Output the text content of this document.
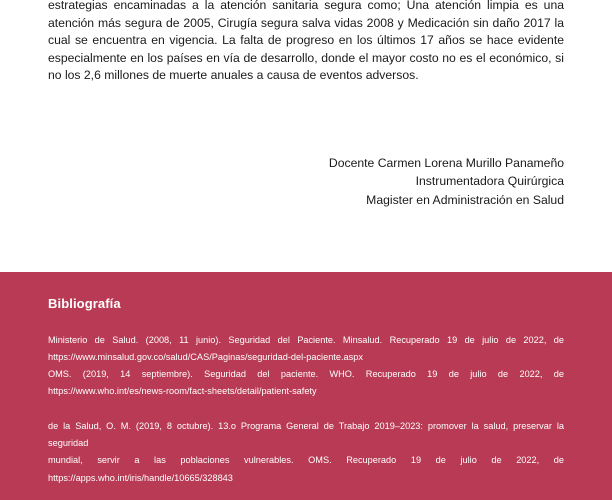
estrategias encaminadas a la atención sanitaria segura como; Una atención limpia es una atención más segura de 2005, Cirugía segura salva vidas 2008 y Medicación sin daño 2017 la cual se encuentra en vigencia. La falta de progreso en los últimos 17 años se hace evidente especialmente en los países en vía de desarrollo, donde el mayor costo no es el económico, si no los 2,6 millones de muerte anuales a causa de eventos adversos.

Docente Carmen Lorena Murillo Panameño
Instrumentadora Quirúrgica
Magister en Administración en Salud
Bibliografía
Ministerio de Salud. (2008, 11 junio). Seguridad del Paciente. Minsalud. Recuperado 19 de julio de 2022, de
https://www.minsalud.gov.co/salud/CAS/Paginas/seguridad-del-paciente.aspx
OMS. (2019, 14 septiembre). Seguridad del paciente. WHO. Recuperado 19 de julio de 2022, de
https://www.who.int/es/news-room/fact-sheets/detail/patient-safety
de la Salud, O. M. (2019, 8 octubre). 13.o Programa General de Trabajo 2019–2023: promover la salud, preservar la seguridad
mundial, servir a las poblaciones vulnerables. OMS. Recuperado 19 de julio de 2022, de
https://apps.who.int/iris/handle/10665/328843
